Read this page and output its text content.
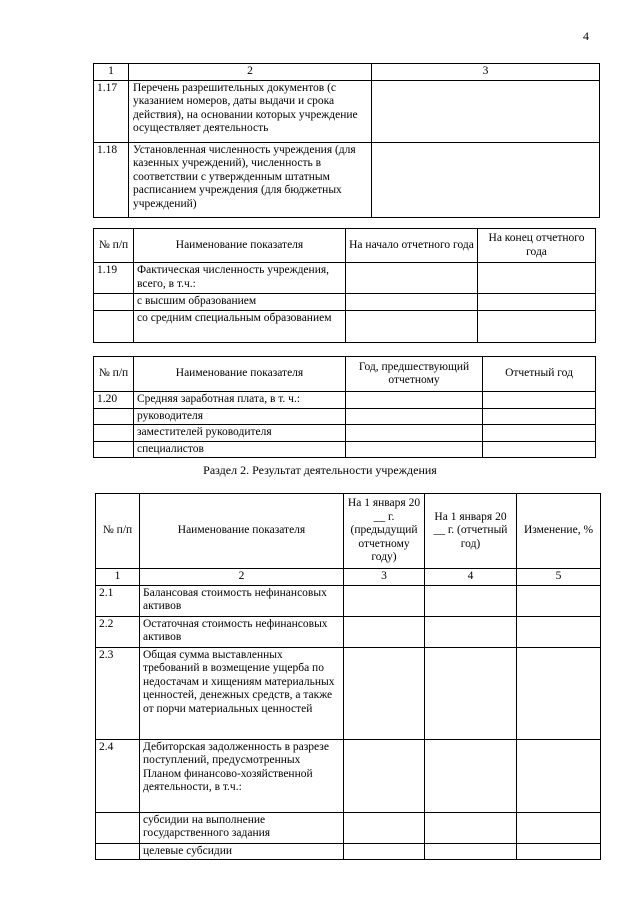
4
1	2	3
1.17	Перечень разрешительных документов (с указанием номеров, даты выдачи и срока действия), на основании которых учреждение осуществляет деятельность	
1.18	Установленная численность учреждения (для казенных учреждений), численность в соответствии с утвержденным штатным расписанием учреждения (для бюджетных учреждений)	
№ п/п	Наименование показателя	На начало отчетного года	На конец отчетного года
1.19	Фактическая численность учреждения, всего, в т.ч.:		
	с высшим образованием		
	со средним специальным образованием		
№ п/п	Наименование показателя	Год, предшествующий отчетному	Отчетный год
1.20	Средняя заработная плата, в т. ч.:		
	руководителя		
	заместителей руководителя		
	специалистов		
Раздел 2. Результат деятельности учреждения
№ п/п	Наименование показателя	На 1 января 20 __ г. (предыдущий отчетному году)	На 1 января 20 __ г. (отчетный год)	Изменение, %
1	2	3	4	5
2.1	Балансовая стоимость нефинансовых активов			
2.2	Остаточная стоимость нефинансовых активов			
2.3	Общая сумма выставленных требований в возмещение ущерба по недостачам и хищениям материальных ценностей, денежных средств, а также от порчи материальных ценностей			
2.4	Дебиторская задолженность в разрезе поступлений, предусмотренных Планом финансово-хозяйственной деятельности, в т.ч.:			
	субсидии на выполнение государственного задания			
	целевые субсидии			
